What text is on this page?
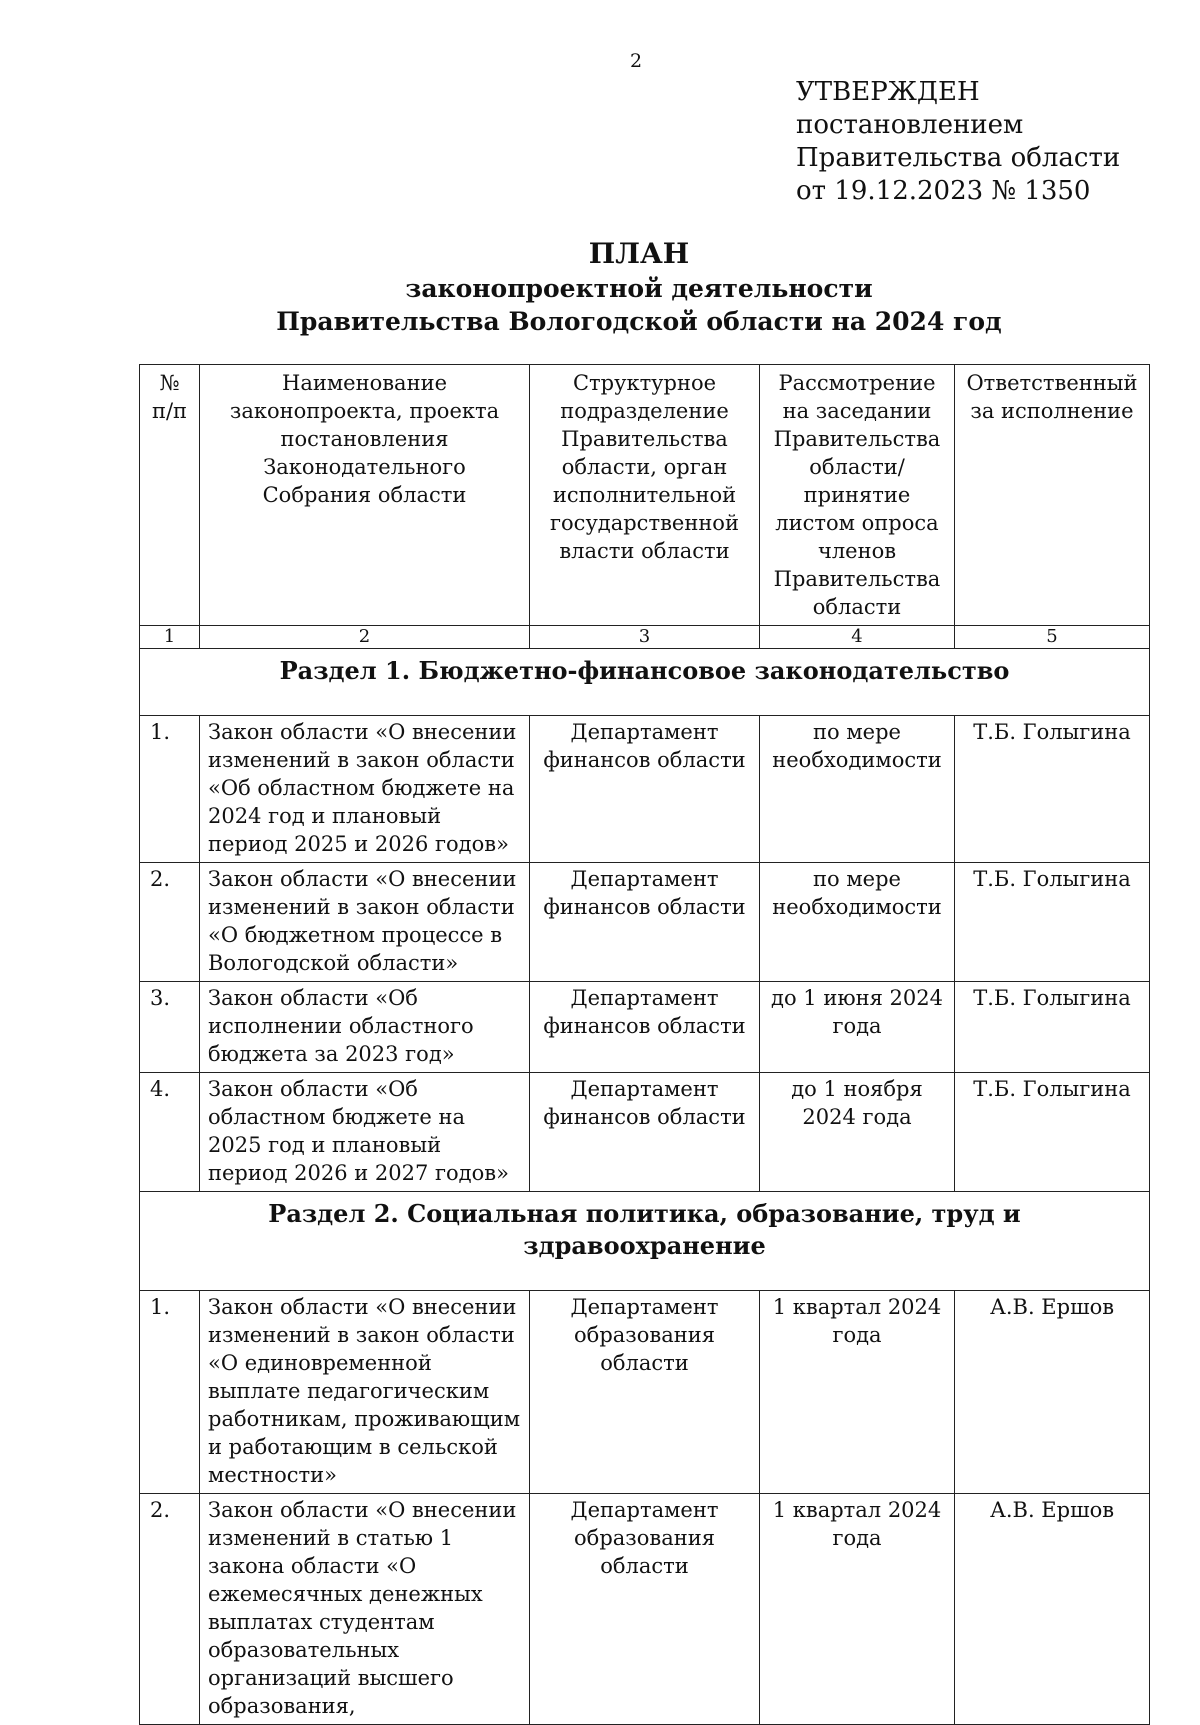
2
УТВЕРЖДЕН
постановлением
Правительства области
от 19.12.2023 № 1350
ПЛАН
законопроектной деятельности
Правительства Вологодской области на 2024 год
№ п/п	Наименование законопроекта, проекта постановления Законодательного Собрания области	Структурное подразделение Правительства области, орган исполнительной государственной власти области	Рассмотрение на заседании Правительства области/ принятие листом опроса членов Правительства области	Ответственный за исполнение
1	2	3	4	5
Раздел 1. Бюджетно-финансовое законодательство				
1.	Закон области «О внесении изменений в закон области «Об областном бюджете на 2024 год и плановый период 2025 и 2026 годов»	Департамент финансов области	по мере необходимости	Т.Б. Голыгина
2.	Закон области «О внесении изменений в закон области «О бюджетном процессе в Вологодской области»	Департамент финансов области	по мере необходимости	Т.Б. Голыгина
3.	Закон области «Об исполнении областного бюджета за 2023 год»	Департамент финансов области	до 1 июня 2024 года	Т.Б. Голыгина
4.	Закон области «Об областном бюджете на 2025 год и плановый период 2026 и 2027 годов»	Департамент финансов области	до 1 ноября 2024 года	Т.Б. Голыгина
Раздел 2. Социальная политика, образование, труд и здравоохранение				
1.	Закон области «О внесении изменений в закон области «О единовременной выплате педагогическим работникам, проживающим и работающим в сельской местности»	Департамент образования области	1 квартал 2024 года	А.В. Ершов
2.	Закон области «О внесении изменений в статью 1 закона области «О ежемесячных денежных выплатах студентам образовательных организаций высшего образования,	Департамент образования области	1 квартал 2024 года	А.В. Ершов
